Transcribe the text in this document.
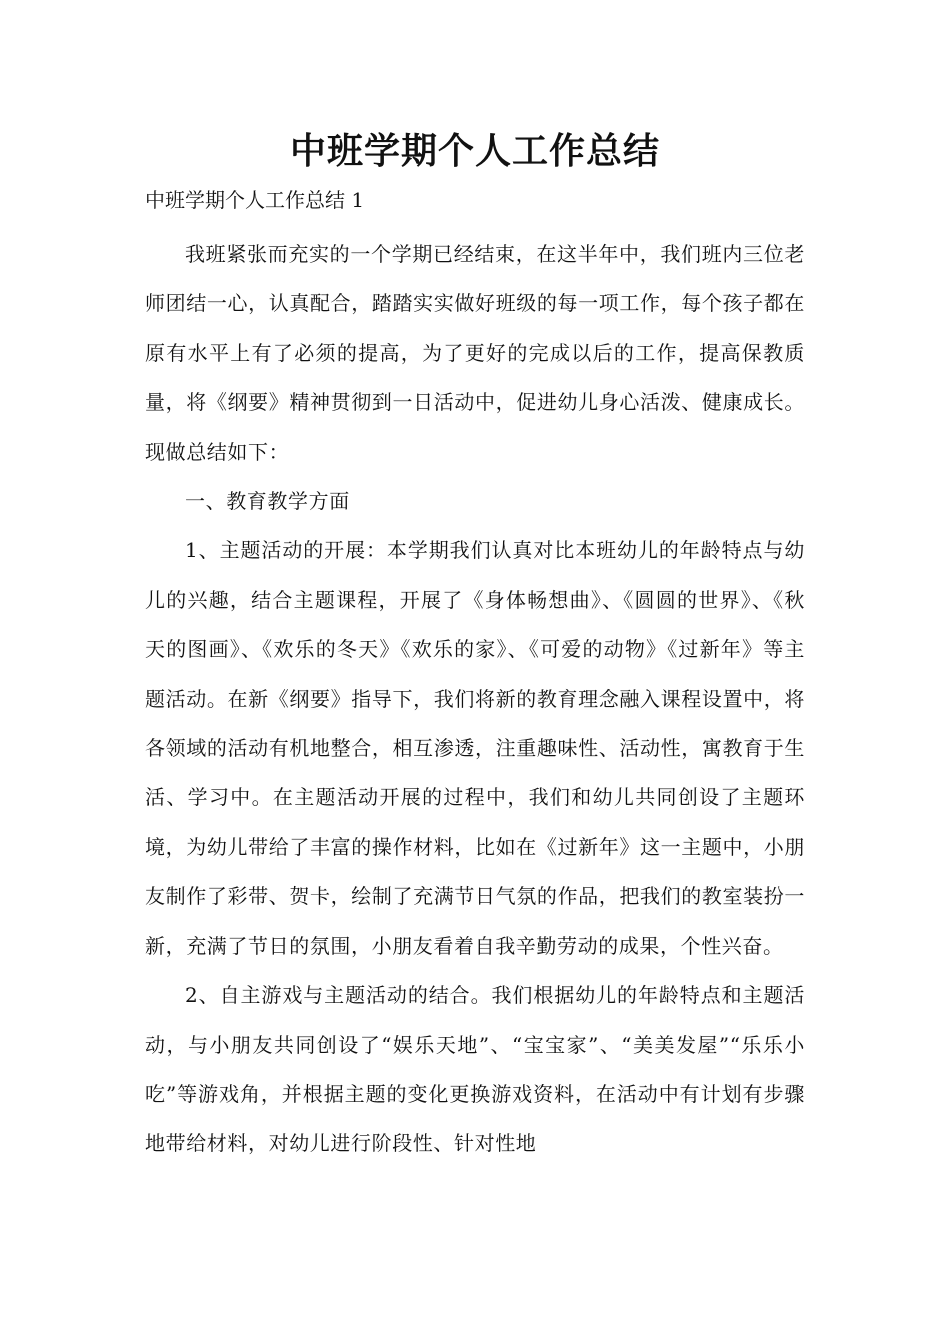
中班学期个人工作总结

中班学期个人工作总结 1

我班紧张而充实的一个学期已经结束，在这半年中，我们班内三位老师团结一心，认真配合，踏踏实实做好班级的每一项工作，每个孩子都在原有水平上有了必须的提高，为了更好的完成以后的工作，提高保教质量，将《纲要》精神贯彻到一日活动中，促进幼儿身心活泼、健康成长。现做总结如下：

一、教育教学方面

1、主题活动的开展：本学期我们认真对比本班幼儿的年龄特点与幼儿的兴趣，结合主题课程，开展了《身体畅想曲》、《圆圆的世界》、《秋天的图画》、《欢乐的冬天》《欢乐的家》、《可爱的动物》《过新年》等主题活动。在新《纲要》指导下，我们将新的教育理念融入课程设置中，将各领域的活动有机地整合，相互渗透，注重趣味性、活动性，寓教育于生活、学习中。在主题活动开展的过程中，我们和幼儿共同创设了主题环境，为幼儿带给了丰富的操作材料，比如在《过新年》这一主题中，小朋友制作了彩带、贺卡，绘制了充满节日气氛的作品，把我们的教室装扮一新，充满了节日的氛围，小朋友看着自我辛勤劳动的成果，个性兴奋。

2、自主游戏与主题活动的结合。我们根据幼儿的年龄特点和主题活动，与小朋友共同创设了“娱乐天地”、“宝宝家”、“美美发屋”“乐乐小吃”等游戏角，并根据主题的变化更换游戏资料，在活动中有计划有步骤地带给材料，对幼儿进行阶段性、针对性地
